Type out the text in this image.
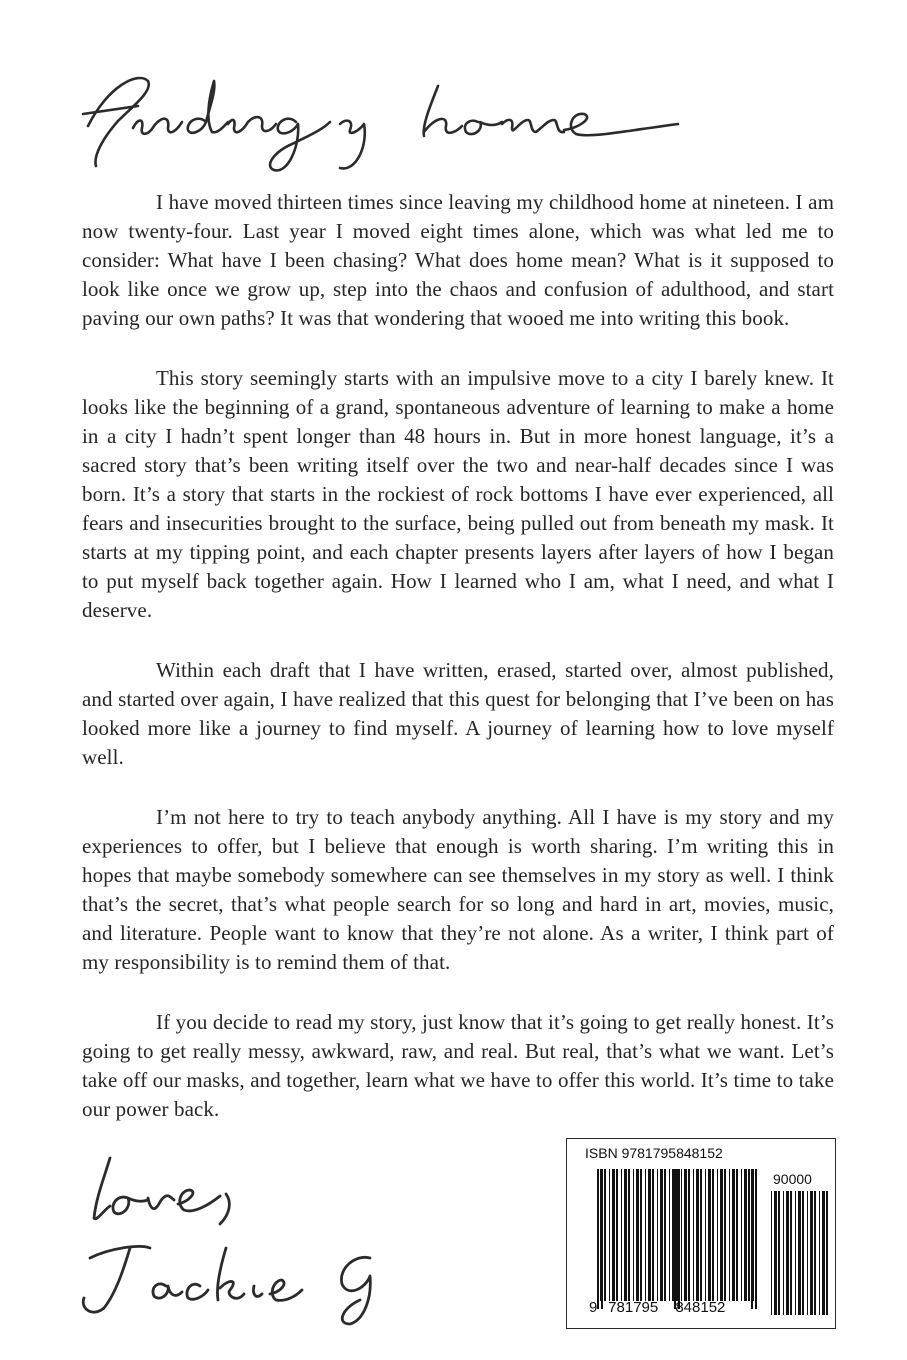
I have moved thirteen times since leaving my childhood home at nineteen. I am now twenty-four. Last year I moved eight times alone, which was what led me to consider: What have I been chasing? What does home mean? What is it supposed to look like once we grow up, step into the chaos and confusion of adulthood, and start paving our own paths? It was that wondering that wooed me into writing this book.

This story seemingly starts with an impulsive move to a city I barely knew. It looks like the beginning of a grand, spontaneous adventure of learning to make a home in a city I hadn’t spent longer than 48 hours in. But in more honest language, it’s a sacred story that’s been writing itself over the two and near-half decades since I was born. It’s a story that starts in the rockiest of rock bottoms I have ever experienced, all fears and insecurities brought to the surface, being pulled out from beneath my mask. It starts at my tipping point, and each chapter presents layers after layers of how I began to put myself back together again. How I learned who I am, what I need, and what I deserve.

Within each draft that I have written, erased, started over, almost published, and started over again, I have realized that this quest for belonging that I’ve been on has looked more like a journey to find myself. A journey of learning how to love myself well.

I’m not here to try to teach anybody anything. All I have is my story and my experiences to offer, but I believe that enough is worth sharing. I’m writing this in hopes that maybe somebody somewhere can see themselves in my story as well. I think that’s the secret, that’s what people search for so long and hard in art, movies, music, and literature. People want to know that they’re not alone. As a writer, I think part of my responsibility is to remind them of that.

If you decide to read my story, just know that it’s going to get really honest. It’s going to get really messy, awkward, raw, and real. But real, that’s what we want. Let’s take off our masks, and together, learn what we have to offer this world. It’s time to take our power back.

ISBN 9781795848152
90000
9 781795 848152
